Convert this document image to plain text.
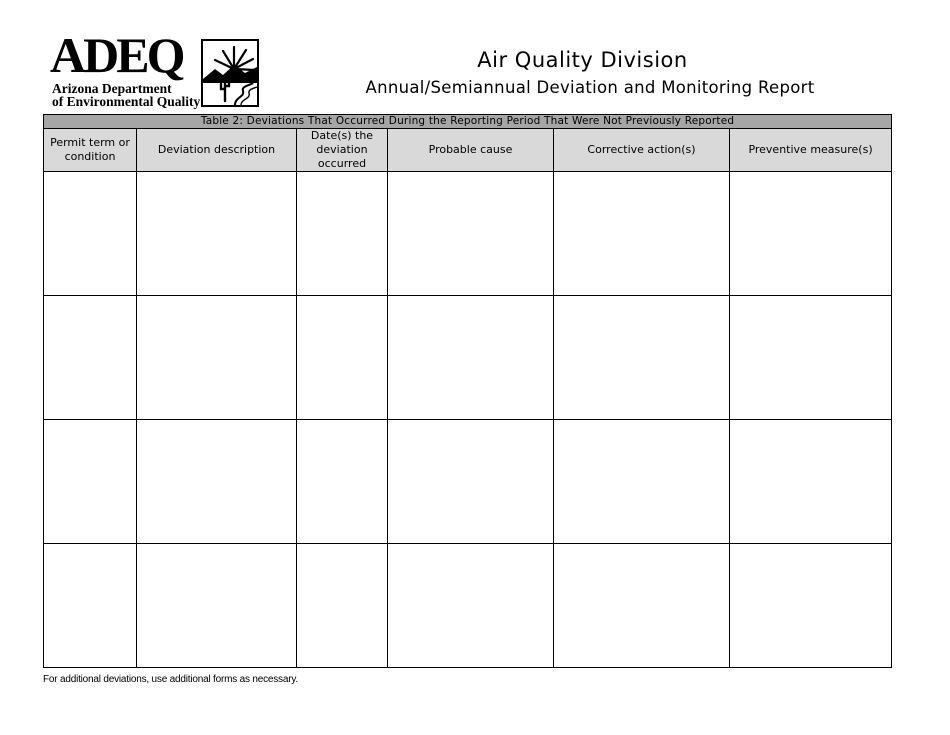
ADEQ
Arizona Department
of Environmental Quality
Air Quality Division
Annual/Semiannual Deviation and Monitoring Report
Table 2: Deviations That Occurred During the Reporting Period That Were Not Previously Reported					
Permit term or condition	Deviation description	Date(s) the deviation occurred	Probable cause	Corrective action(s)	Preventive measure(s)

For additional deviations, use additional forms as necessary.
